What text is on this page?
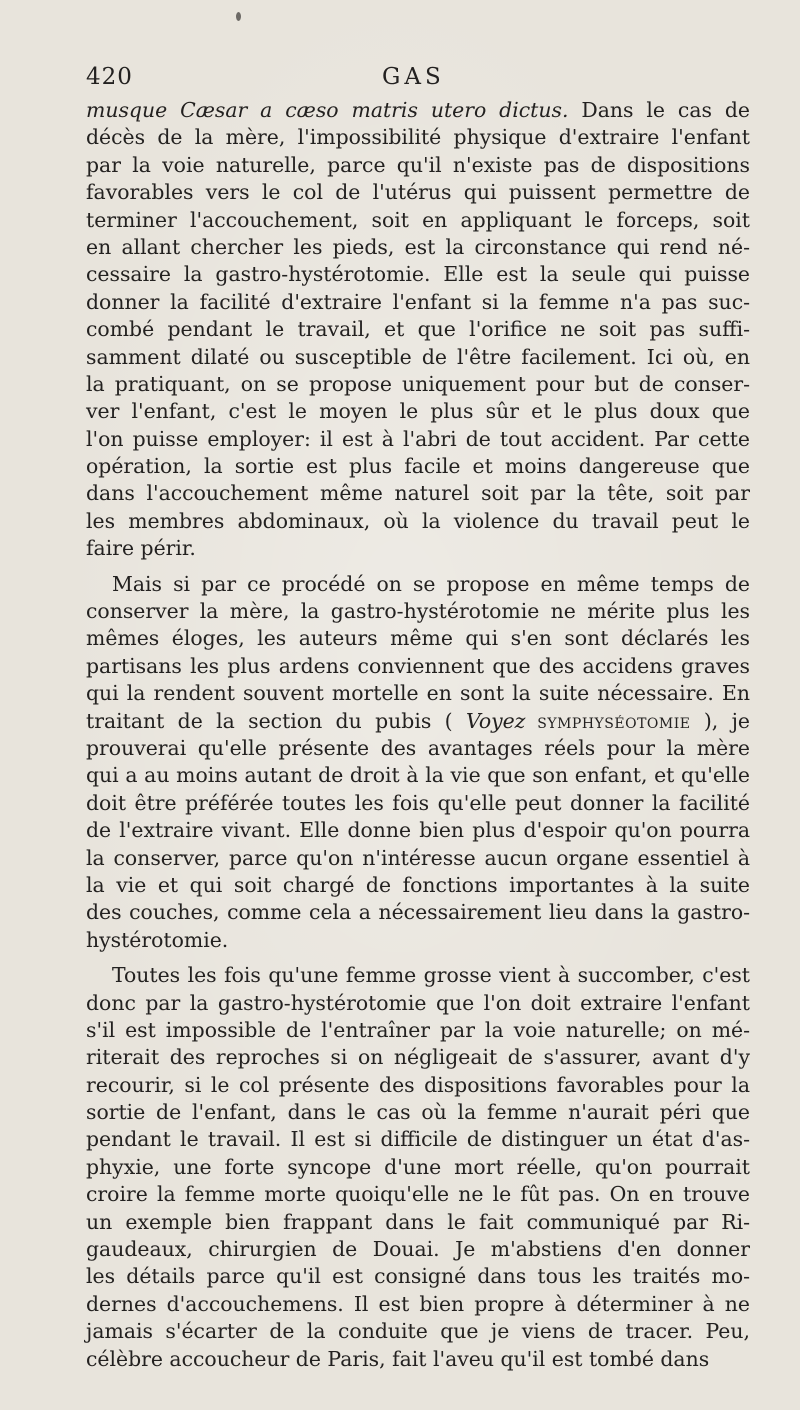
420	GAS
musque Cæsar a cæso matris utero dictus. Dans le cas de
décès de la mère, l'impossibilité physique d'extraire l'enfant
par la voie naturelle, parce qu'il n'existe pas de dispositions
favorables vers le col de l'utérus qui puissent permettre de
terminer l'accouchement, soit en appliquant le forceps, soit
en allant chercher les pieds, est la circonstance qui rend né-
cessaire la gastro-hystérotomie. Elle est la seule qui puisse
donner la facilité d'extraire l'enfant si la femme n'a pas suc-
combé pendant le travail, et que l'orifice ne soit pas suffi-
samment dilaté ou susceptible de l'être facilement. Ici où, en
la pratiquant, on se propose uniquement pour but de conser-
ver l'enfant, c'est le moyen le plus sûr et le plus doux que
l'on puisse employer: il est à l'abri de tout accident. Par cette
opération, la sortie est plus facile et moins dangereuse que
dans l'accouchement même naturel soit par la tête, soit par
les membres abdominaux, où la violence du travail peut le
faire périr.
Mais si par ce procédé on se propose en même temps de
conserver la mère, la gastro-hystérotomie ne mérite plus les
mêmes éloges, les auteurs même qui s'en sont déclarés les
partisans les plus ardens conviennent que des accidens graves
qui la rendent souvent mortelle en sont la suite nécessaire. En
traitant de la section du pubis ( Voyez SYMPHYSÉOTOMIE ), je
prouverai qu'elle présente des avantages réels pour la mère
qui a au moins autant de droit à la vie que son enfant, et qu'elle
doit être préférée toutes les fois qu'elle peut donner la facilité
de l'extraire vivant. Elle donne bien plus d'espoir qu'on pourra
la conserver, parce qu'on n'intéresse aucun organe essentiel à
la vie et qui soit chargé de fonctions importantes à la suite
des couches, comme cela a nécessairement lieu dans la gastro-
hystérotomie.
Toutes les fois qu'une femme grosse vient à succomber, c'est
donc par la gastro-hystérotomie que l'on doit extraire l'enfant
s'il est impossible de l'entraîner par la voie naturelle; on mé-
riterait des reproches si on négligeait de s'assurer, avant d'y
recourir, si le col présente des dispositions favorables pour la
sortie de l'enfant, dans le cas où la femme n'aurait péri que
pendant le travail. Il est si difficile de distinguer un état d'as-
phyxie, une forte syncope d'une mort réelle, qu'on pourrait
croire la femme morte quoiqu'elle ne le fût pas. On en trouve
un exemple bien frappant dans le fait communiqué par Ri-
gaudeaux, chirurgien de Douai. Je m'abstiens d'en donner
les détails parce qu'il est consigné dans tous les traités mo-
dernes d'accouchemens. Il est bien propre à déterminer à ne
jamais s'écarter de la conduite que je viens de tracer. Peu,
célèbre accoucheur de Paris, fait l'aveu qu'il est tombé dans
